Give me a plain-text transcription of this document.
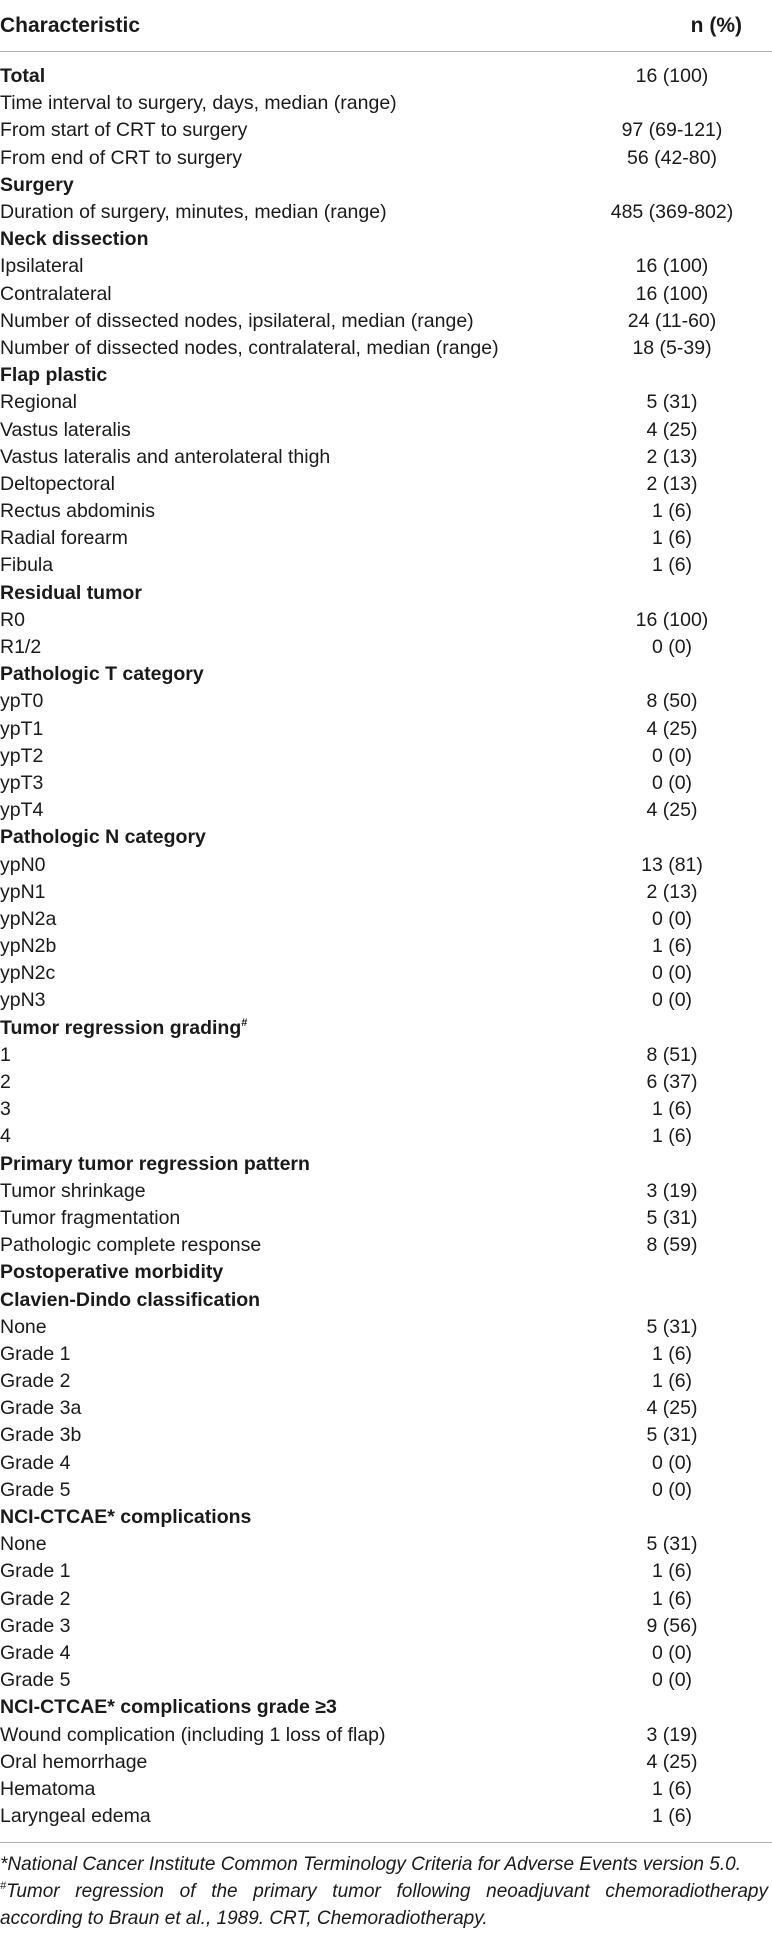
Characteristic	n (%)
Total	16 (100)
Time interval to surgery, days, median (range)
From start of CRT to surgery	97 (69-121)
From end of CRT to surgery	56 (42-80)
Surgery
Duration of surgery, minutes, median (range)	485 (369-802)
Neck dissection
Ipsilateral	16 (100)
Contralateral	16 (100)
Number of dissected nodes, ipsilateral, median (range)	24 (11-60)
Number of dissected nodes, contralateral, median (range)	18 (5-39)
Flap plastic
Regional	5 (31)
Vastus lateralis	4 (25)
Vastus lateralis and anterolateral thigh	2 (13)
Deltopectoral	2 (13)
Rectus abdominis	1 (6)
Radial forearm	1 (6)
Fibula	1 (6)
Residual tumor
R0	16 (100)
R1/2	0 (0)
Pathologic T category
ypT0	8 (50)
ypT1	4 (25)
ypT2	0 (0)
ypT3	0 (0)
ypT4	4 (25)
Pathologic N category
ypN0	13 (81)
ypN1	2 (13)
ypN2a	0 (0)
ypN2b	1 (6)
ypN2c	0 (0)
ypN3	0 (0)
Tumor regression grading#
1	8 (51)
2	6 (37)
3	1 (6)
4	1 (6)
Primary tumor regression pattern
Tumor shrinkage	3 (19)
Tumor fragmentation	5 (31)
Pathologic complete response	8 (59)
Postoperative morbidity
Clavien-Dindo classification
None	5 (31)
Grade 1	1 (6)
Grade 2	1 (6)
Grade 3a	4 (25)
Grade 3b	5 (31)
Grade 4	0 (0)
Grade 5	0 (0)
NCI-CTCAE* complications
None	5 (31)
Grade 1	1 (6)
Grade 2	1 (6)
Grade 3	9 (56)
Grade 4	0 (0)
Grade 5	0 (0)
NCI-CTCAE* complications grade ≥3
Wound complication (including 1 loss of flap)	3 (19)
Oral hemorrhage	4 (25)
Hematoma	1 (6)
Laryngeal edema	1 (6)

*National Cancer Institute Common Terminology Criteria for Adverse Events version 5.0.

#Tumor regression of the primary tumor following neoadjuvant chemoradiotherapy according to Braun et al., 1989. CRT, Chemoradiotherapy.
